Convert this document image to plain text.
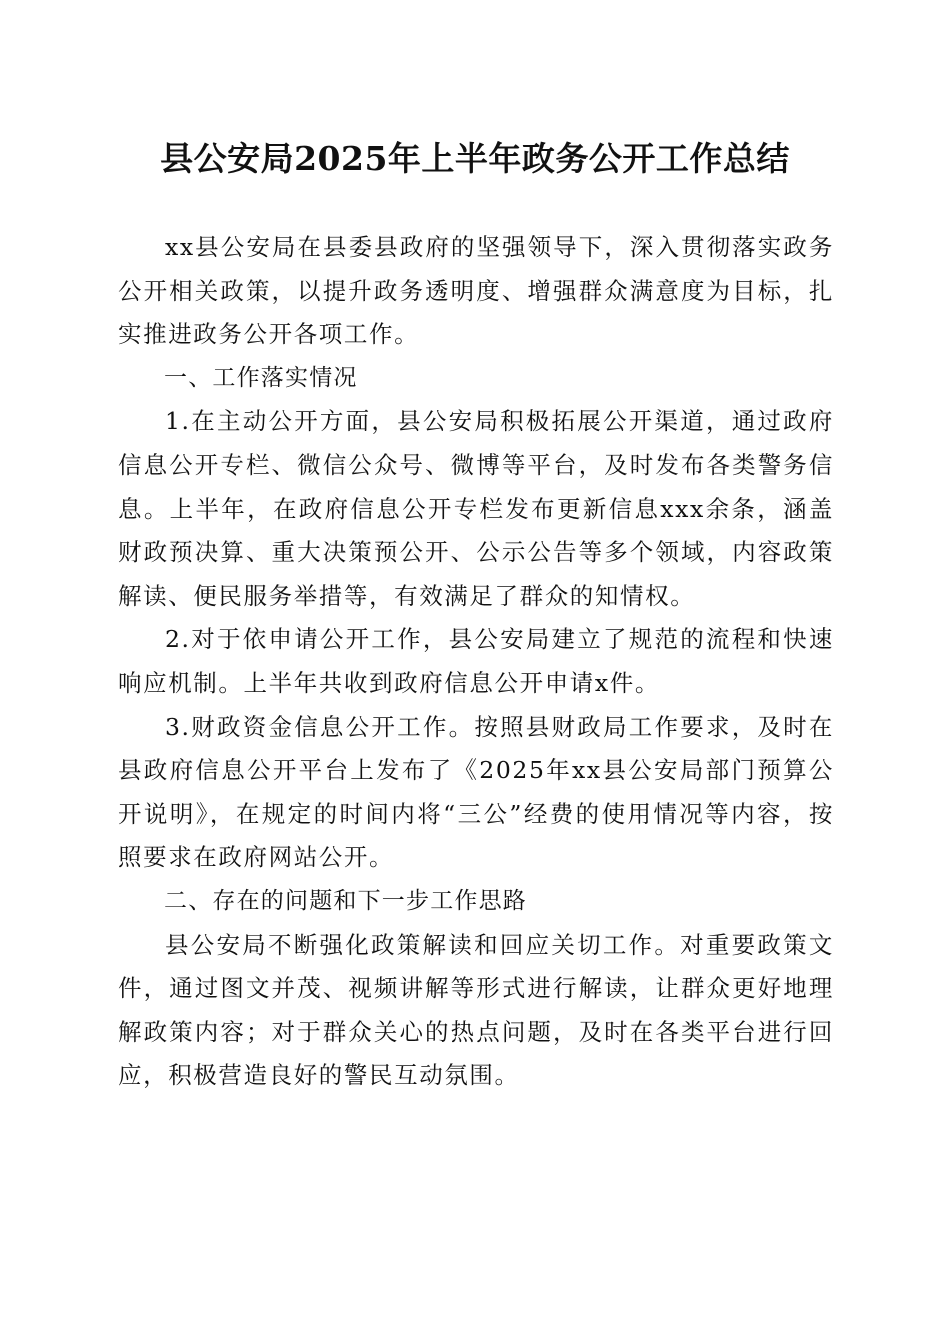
县公安局2025年上半年政务公开工作总结

xx县公安局在县委县政府的坚强领导下，深入贯彻落实政务公开相关政策，以提升政务透明度、增强群众满意度为目标，扎实推进政务公开各项工作。

一、工作落实情况

1.在主动公开方面，县公安局积极拓展公开渠道，通过政府信息公开专栏、微信公众号、微博等平台，及时发布各类警务信息。上半年，在政府信息公开专栏发布更新信息xxx余条，涵盖财政预决算、重大决策预公开、公示公告等多个领域，内容政策解读、便民服务举措等，有效满足了群众的知情权。

2.对于依申请公开工作，县公安局建立了规范的流程和快速响应机制。上半年共收到政府信息公开申请x件。

3.财政资金信息公开工作。按照县财政局工作要求，及时在县政府信息公开平台上发布了《2025年xx县公安局部门预算公开说明》，在规定的时间内将“三公”经费的使用情况等内容，按照要求在政府网站公开。

二、存在的问题和下一步工作思路

县公安局不断强化政策解读和回应关切工作。对重要政策文件，通过图文并茂、视频讲解等形式进行解读，让群众更好地理解政策内容；对于群众关心的热点问题，及时在各类平台进行回应，积极营造良好的警民互动氛围。
